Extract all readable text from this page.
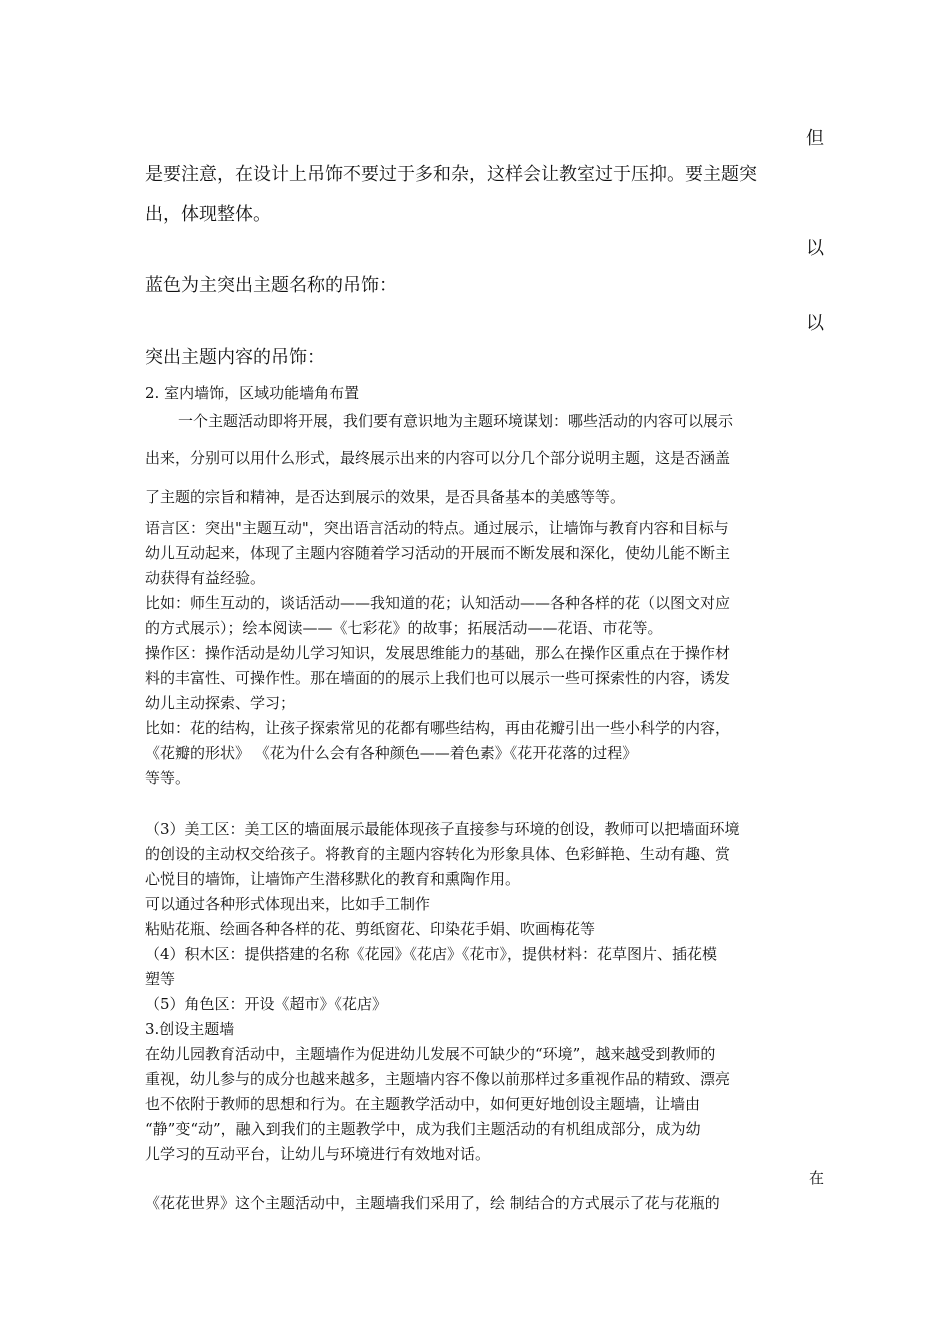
但
是要注意，在设计上吊饰不要过于多和杂，这样会让教室过于压抑。要主题突
出，体现整体。
以
蓝色为主突出主题名称的吊饰：
以
突出主题内容的吊饰：
2. 室内墙饰，区域功能墙角布置
一个主题活动即将开展，我们要有意识地为主题环境谋划：哪些活动的内容可以展示
出来，分别可以用什么形式，最终展示出来的内容可以分几个部分说明主题，这是否涵盖
了主题的宗旨和精神，是否达到展示的效果，是否具备基本的美感等等。
语言区：突出"主题互动"，突出语言活动的特点。通过展示，让墙饰与教育内容和目标与
幼儿互动起来，体现了主题内容随着学习活动的开展而不断发展和深化，使幼儿能不断主
动获得有益经验。
比如：师生互动的，谈话活动——我知道的花；认知活动——各种各样的花（以图文对应
的方式展示）；绘本阅读——《七彩花》的故事；拓展活动——花语、市花等。
操作区：操作活动是幼儿学习知识，发展思维能力的基础，那么在操作区重点在于操作材
料的丰富性、可操作性。那在墙面的的展示上我们也可以展示一些可探索性的内容，诱发
幼儿主动探索、学习；
比如：花的结构，让孩子探索常见的花都有哪些结构，再由花瓣引出一些小科学的内容，
《花瓣的形状》 《花为什么会有各种颜色——着色素》《花开花落的过程》
等等。
（3）美工区：美工区的墙面展示最能体现孩子直接参与环境的创设，教师可以把墙面环境
的创设的主动权交给孩子。将教育的主题内容转化为形象具体、色彩鲜艳、生动有趣、赏
心悦目的墙饰，让墙饰产生潜移默化的教育和熏陶作用。
可以通过各种形式体现出来，比如手工制作
粘贴花瓶、绘画各种各样的花、剪纸窗花、印染花手娟、吹画梅花等
（4）积木区：提供搭建的名称《花园》《花店》《花市》，提供材料：花草图片、插花模
塑等
（5）角色区：开设《超市》《花店》
3.创设主题墙
在幼儿园教育活动中，主题墙作为促进幼儿发展不可缺少的“环境”，越来越受到教师的
重视，幼儿参与的成分也越来越多，主题墙内容不像以前那样过多重视作品的精致、漂亮
也不依附于教师的思想和行为。在主题教学活动中，如何更好地创设主题墙，让墙由
“静”变“动”，融入到我们的主题教学中，成为我们主题活动的有机组成部分，成为幼
儿学习的互动平台，让幼儿与环境进行有效地对话。
在
《花花世界》这个主题活动中，主题墙我们采用了，绘 制结合的方式展示了花与花瓶的
